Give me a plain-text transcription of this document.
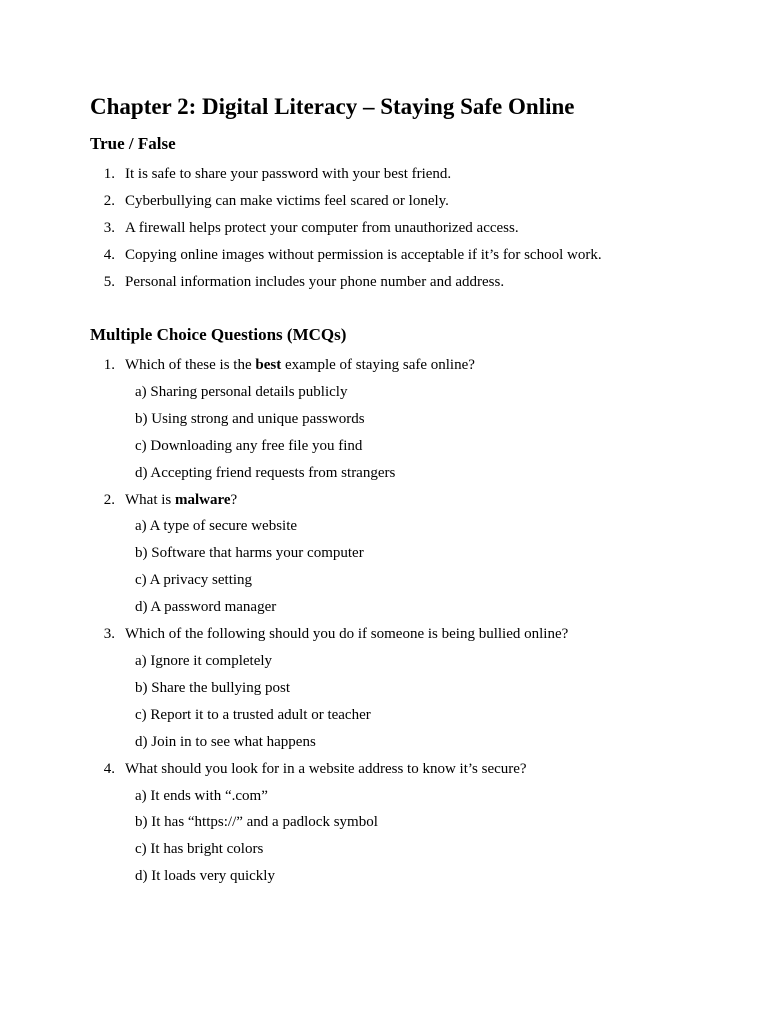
Chapter 2: Digital Literacy – Staying Safe Online
True / False
1. It is safe to share your password with your best friend.
2. Cyberbullying can make victims feel scared or lonely.
3. A firewall helps protect your computer from unauthorized access.
4. Copying online images without permission is acceptable if it’s for school work.
5. Personal information includes your phone number and address.
Multiple Choice Questions (MCQs)
1. Which of these is the best example of staying safe online?
a) Sharing personal details publicly
b) Using strong and unique passwords
c) Downloading any free file you find
d) Accepting friend requests from strangers
2. What is malware?
a) A type of secure website
b) Software that harms your computer
c) A privacy setting
d) A password manager
3. Which of the following should you do if someone is being bullied online?
a) Ignore it completely
b) Share the bullying post
c) Report it to a trusted adult or teacher
d) Join in to see what happens
4. What should you look for in a website address to know it’s secure?
a) It ends with “.com”
b) It has “https://” and a padlock symbol
c) It has bright colors
d) It loads very quickly
